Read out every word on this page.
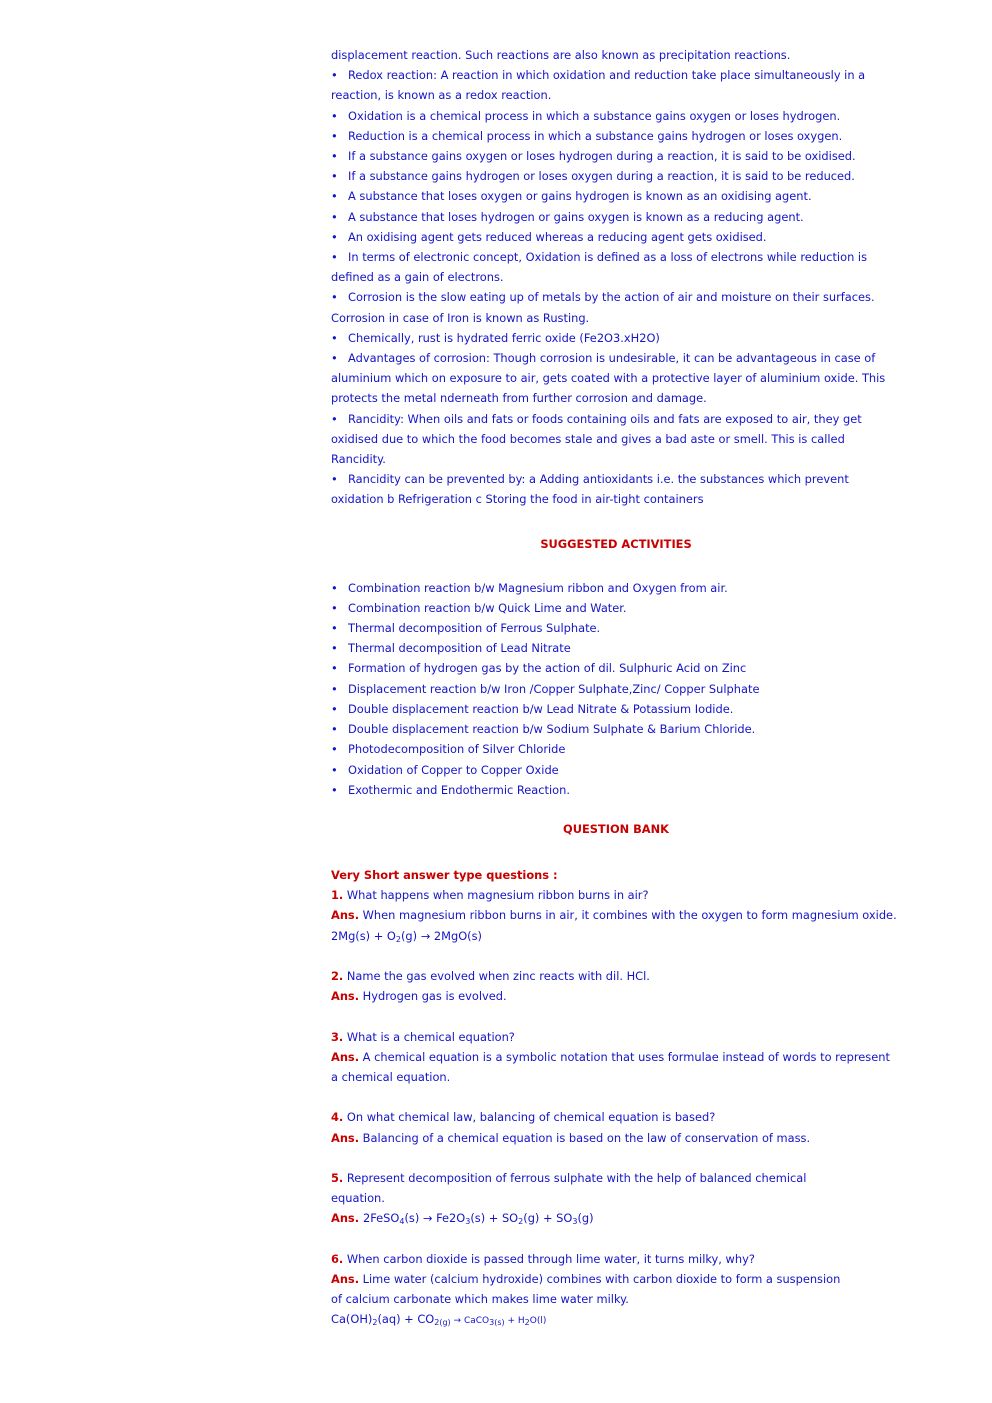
displacement reaction. Such reactions are also known as precipitation reactions.
• Redox reaction: A reaction in which oxidation and reduction take place simultaneously in a
reaction, is known as a redox reaction.
• Oxidation is a chemical process in which a substance gains oxygen or loses hydrogen.
• Reduction is a chemical process in which a substance gains hydrogen or loses oxygen.
• If a substance gains oxygen or loses hydrogen during a reaction, it is said to be oxidised.
• If a substance gains hydrogen or loses oxygen during a reaction, it is said to be reduced.
• A substance that loses oxygen or gains hydrogen is known as an oxidising agent.
• A substance that loses hydrogen or gains oxygen is known as a reducing agent.
• An oxidising agent gets reduced whereas a reducing agent gets oxidised.
• In terms of electronic concept, Oxidation is defined as a loss of electrons while reduction is
defined as a gain of electrons.
• Corrosion is the slow eating up of metals by the action of air and moisture on their surfaces.
Corrosion in case of Iron is known as Rusting.
• Chemically, rust is hydrated ferric oxide (Fe2O3.xH2O)
• Advantages of corrosion: Though corrosion is undesirable, it can be advantageous in case of
aluminium which on exposure to air, gets coated with a protective layer of aluminium oxide. This
protects the metal nderneath from further corrosion and damage.
• Rancidity: When oils and fats or foods containing oils and fats are exposed to air, they get
oxidised due to which the food becomes stale and gives a bad aste or smell. This is called
Rancidity.
• Rancidity can be prevented by: a Adding antioxidants i.e. the substances which prevent
oxidation b Refrigeration c Storing the food in air-tight containers
SUGGESTED ACTIVITIES
• Combination reaction b/w Magnesium ribbon and Oxygen from air.
• Combination reaction b/w Quick Lime and Water.
• Thermal decomposition of Ferrous Sulphate.
• Thermal decomposition of Lead Nitrate
• Formation of hydrogen gas by the action of dil. Sulphuric Acid on Zinc
• Displacement reaction b/w Iron /Copper Sulphate,Zinc/ Copper Sulphate
• Double displacement reaction b/w Lead Nitrate & Potassium Iodide.
• Double displacement reaction b/w Sodium Sulphate & Barium Chloride.
• Photodecomposition of Silver Chloride
• Oxidation of Copper to Copper Oxide
• Exothermic and Endothermic Reaction.
QUESTION BANK
Very Short answer type questions :
1. What happens when magnesium ribbon burns in air?
Ans. When magnesium ribbon burns in air, it combines with the oxygen to form magnesium oxide.
$2Mg(s) + O_2(g) \to 2MgO(s)$
2. Name the gas evolved when zinc reacts with dil. HCl.
Ans. Hydrogen gas is evolved.
3. What is a chemical equation?
Ans. A chemical equation is a symbolic notation that uses formulae instead of words to represent
a chemical equation.
4. On what chemical law, balancing of chemical equation is based?
Ans. Balancing of a chemical equation is based on the law of conservation of mass.
5. Represent decomposition of ferrous sulphate with the help of balanced chemical
equation.
Ans. 2FeSO$_4$(s) → $Fe2O_3(s) + SO_2(g) + SO_3(g)$
6. When carbon dioxide is passed through lime water, it turns milky, why?
Ans. Lime water (calcium hydroxide) combines with carbon dioxide to form a suspension
of calcium carbonate which makes lime water milky.
$Ca(OH)_2(aq) + CO_{2(g)}$ → CaCO$_{3(s)}$ + $H_2O(l)$
